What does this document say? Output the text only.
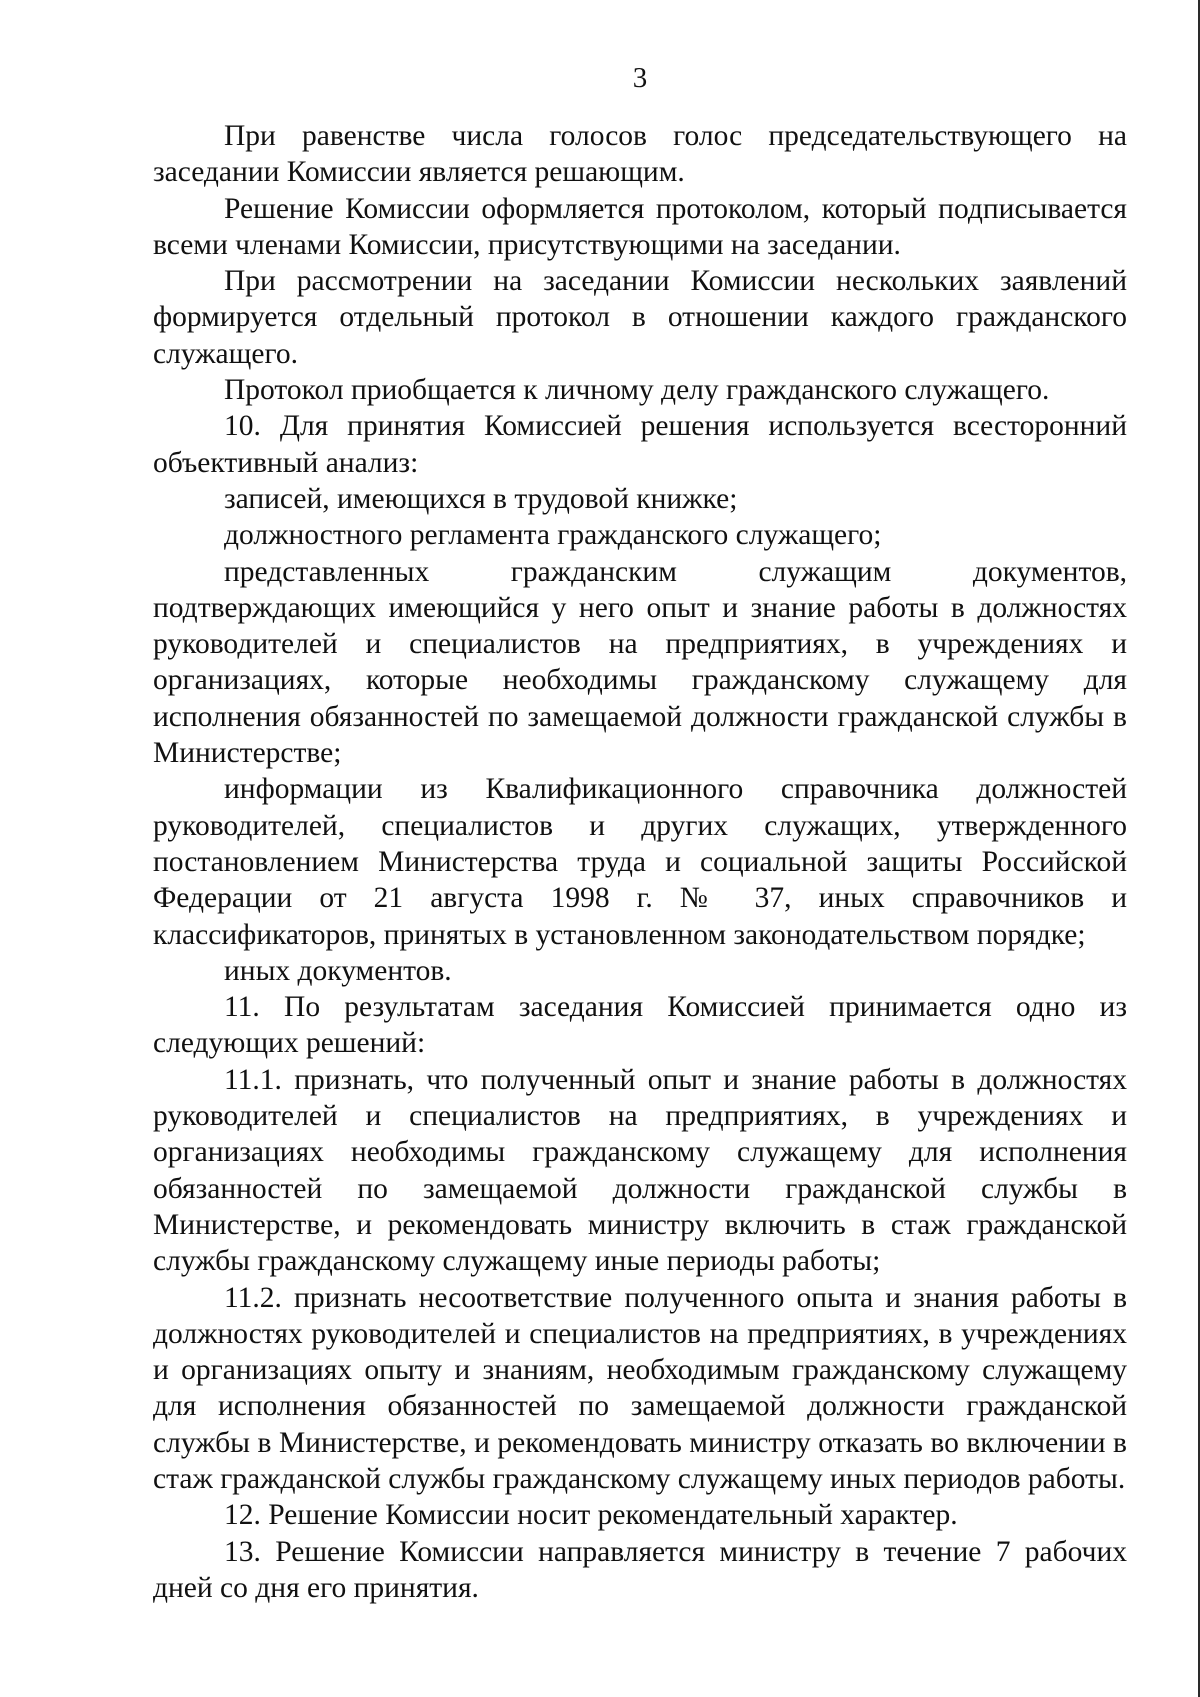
3

При равенстве числа голосов голос председательствующего на заседании Комиссии является решающим.

Решение Комиссии оформляется протоколом, который подписывается всеми членами Комиссии, присутствующими на заседании.

При рассмотрении на заседании Комиссии нескольких заявлений формируется отдельный протокол в отношении каждого гражданского служащего.

Протокол приобщается к личному делу гражданского служащего.

10. Для принятия Комиссией решения используется всесторонний объективный анализ:

записей, имеющихся в трудовой книжке;

должностного регламента гражданского служащего;

представленных гражданским служащим документов, подтверждающих имеющийся у него опыт и знание работы в должностях руководителей и специалистов на предприятиях, в учреждениях и организациях, которые необходимы гражданскому служащему для исполнения обязанностей по замещаемой должности гражданской службы в Министерстве;

информации из Квалификационного справочника должностей руководителей, специалистов и других служащих, утвержденного постановлением Министерства труда и социальной защиты Российской Федерации от 21 августа 1998 г. № 37, иных справочников и классификаторов, принятых в установленном законодательством порядке;

иных документов.

11. По результатам заседания Комиссией принимается одно из следующих решений:

11.1. признать, что полученный опыт и знание работы в должностях руководителей и специалистов на предприятиях, в учреждениях и организациях необходимы гражданскому служащему для исполнения обязанностей по замещаемой должности гражданской службы в Министерстве, и рекомендовать министру включить в стаж гражданской службы гражданскому служащему иные периоды работы;

11.2. признать несоответствие полученного опыта и знания работы в должностях руководителей и специалистов на предприятиях, в учреждениях и организациях опыту и знаниям, необходимым гражданскому служащему для исполнения обязанностей по замещаемой должности гражданской службы в Министерстве, и рекомендовать министру отказать во включении в стаж гражданской службы гражданскому служащему иных периодов работы.

12. Решение Комиссии носит рекомендательный характер.

13. Решение Комиссии направляется министру в течение 7 рабочих дней со дня его принятия.
